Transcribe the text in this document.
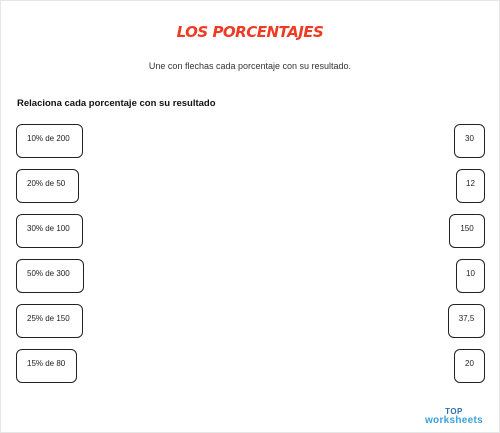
LOS PORCENTAJES
Une con flechas cada porcentaje con su resultado.
Relaciona cada porcentaje con su resultado
10% de 200
20% de 50
30% de 100
50% de 300
25% de 150
15% de 80
30
12
150
10
37,5
20
TOP
worksheets
